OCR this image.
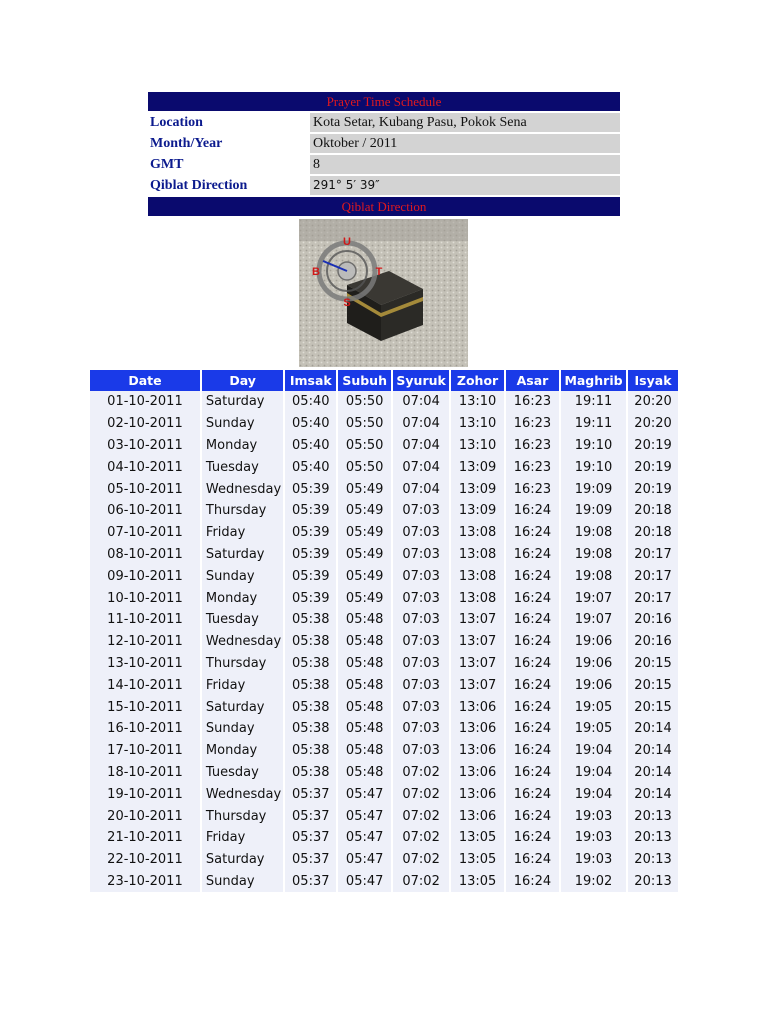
Prayer Time Schedule
Location	Kota Setar, Kubang Pasu, Pokok Sena
Month/Year	Oktober / 2011
GMT	8
Qiblat Direction	291° 5′ 39″
Qiblat Direction
U
S
T
B
Date	Day	Imsak	Subuh	Syuruk	Zohor	Asar	Maghrib	Isyak
01-10-2011	Saturday	05:40	05:50	07:04	13:10	16:23	19:11	20:20
02-10-2011	Sunday	05:40	05:50	07:04	13:10	16:23	19:11	20:20
03-10-2011	Monday	05:40	05:50	07:04	13:10	16:23	19:10	20:19
04-10-2011	Tuesday	05:40	05:50	07:04	13:09	16:23	19:10	20:19
05-10-2011	Wednesday	05:39	05:49	07:04	13:09	16:23	19:09	20:19
06-10-2011	Thursday	05:39	05:49	07:03	13:09	16:24	19:09	20:18
07-10-2011	Friday	05:39	05:49	07:03	13:08	16:24	19:08	20:18
08-10-2011	Saturday	05:39	05:49	07:03	13:08	16:24	19:08	20:17
09-10-2011	Sunday	05:39	05:49	07:03	13:08	16:24	19:08	20:17
10-10-2011	Monday	05:39	05:49	07:03	13:08	16:24	19:07	20:17
11-10-2011	Tuesday	05:38	05:48	07:03	13:07	16:24	19:07	20:16
12-10-2011	Wednesday	05:38	05:48	07:03	13:07	16:24	19:06	20:16
13-10-2011	Thursday	05:38	05:48	07:03	13:07	16:24	19:06	20:15
14-10-2011	Friday	05:38	05:48	07:03	13:07	16:24	19:06	20:15
15-10-2011	Saturday	05:38	05:48	07:03	13:06	16:24	19:05	20:15
16-10-2011	Sunday	05:38	05:48	07:03	13:06	16:24	19:05	20:14
17-10-2011	Monday	05:38	05:48	07:03	13:06	16:24	19:04	20:14
18-10-2011	Tuesday	05:38	05:48	07:02	13:06	16:24	19:04	20:14
19-10-2011	Wednesday	05:37	05:47	07:02	13:06	16:24	19:04	20:14
20-10-2011	Thursday	05:37	05:47	07:02	13:06	16:24	19:03	20:13
21-10-2011	Friday	05:37	05:47	07:02	13:05	16:24	19:03	20:13
22-10-2011	Saturday	05:37	05:47	07:02	13:05	16:24	19:03	20:13
23-10-2011	Sunday	05:37	05:47	07:02	13:05	16:24	19:02	20:13
